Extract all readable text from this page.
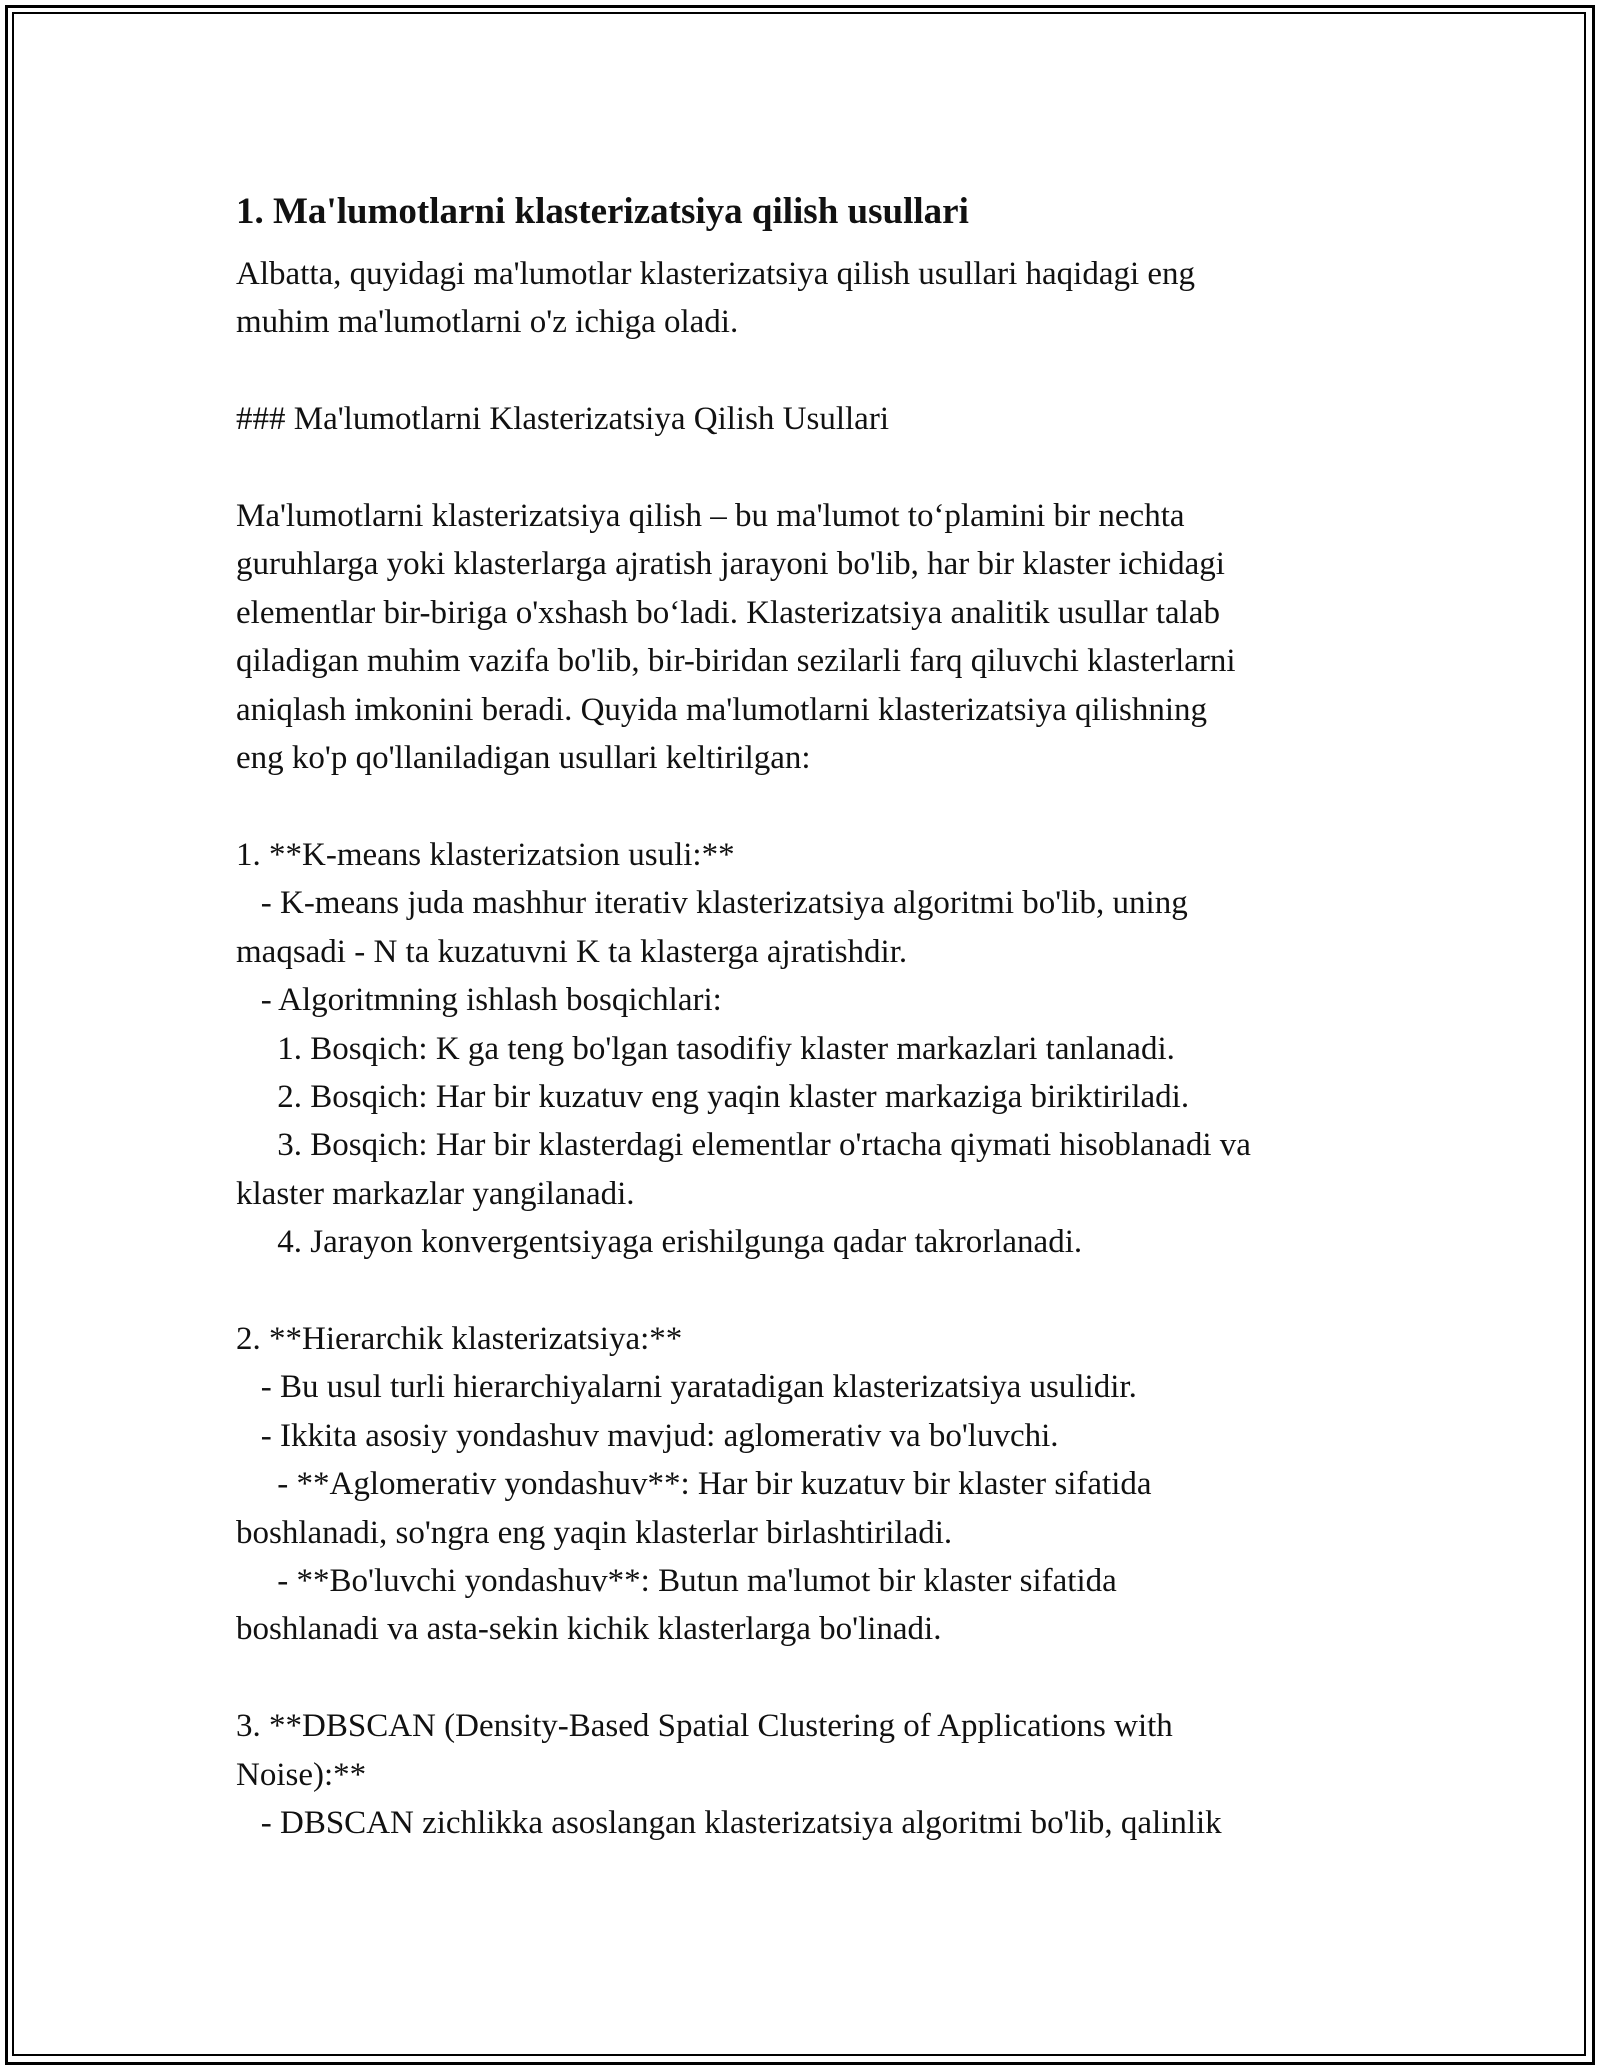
1. Ma'lumotlarni klasterizatsiya qilish usullari
Albatta, quyidagi ma'lumotlar klasterizatsiya qilish usullari haqidagi eng
muhim ma'lumotlarni o'z ichiga oladi.

### Ma'lumotlarni Klasterizatsiya Qilish Usullari

Ma'lumotlarni klasterizatsiya qilish – bu ma'lumot to‘plamini bir nechta
guruhlarga yoki klasterlarga ajratish jarayoni bo'lib, har bir klaster ichidagi
elementlar bir-biriga o'xshash bo‘ladi. Klasterizatsiya analitik usullar talab
qiladigan muhim vazifa bo'lib, bir-biridan sezilarli farq qiluvchi klasterlarni
aniqlash imkonini beradi. Quyida ma'lumotlarni klasterizatsiya qilishning
eng ko'p qo'llaniladigan usullari keltirilgan:

1. **K-means klasterizatsion usuli:**
- K-means juda mashhur iterativ klasterizatsiya algoritmi bo'lib, uning
maqsadi - N ta kuzatuvni K ta klasterga ajratishdir.
- Algoritmning ishlash bosqichlari:
1. Bosqich: K ga teng bo'lgan tasodifiy klaster markazlari tanlanadi.
2. Bosqich: Har bir kuzatuv eng yaqin klaster markaziga biriktiriladi.
3. Bosqich: Har bir klasterdagi elementlar o'rtacha qiymati hisoblanadi va
klaster markazlar yangilanadi.
4. Jarayon konvergentsiyaga erishilgunga qadar takrorlanadi.

2. **Hierarchik klasterizatsiya:**
- Bu usul turli hierarchiyalarni yaratadigan klasterizatsiya usulidir.
- Ikkita asosiy yondashuv mavjud: aglomerativ va bo'luvchi.
- **Aglomerativ yondashuv**: Har bir kuzatuv bir klaster sifatida
boshlanadi, so'ngra eng yaqin klasterlar birlashtiriladi.
- **Bo'luvchi yondashuv**: Butun ma'lumot bir klaster sifatida
boshlanadi va asta-sekin kichik klasterlarga bo'linadi.

3. **DBSCAN (Density-Based Spatial Clustering of Applications with
Noise):**
- DBSCAN zichlikka asoslangan klasterizatsiya algoritmi bo'lib, qalinlik
